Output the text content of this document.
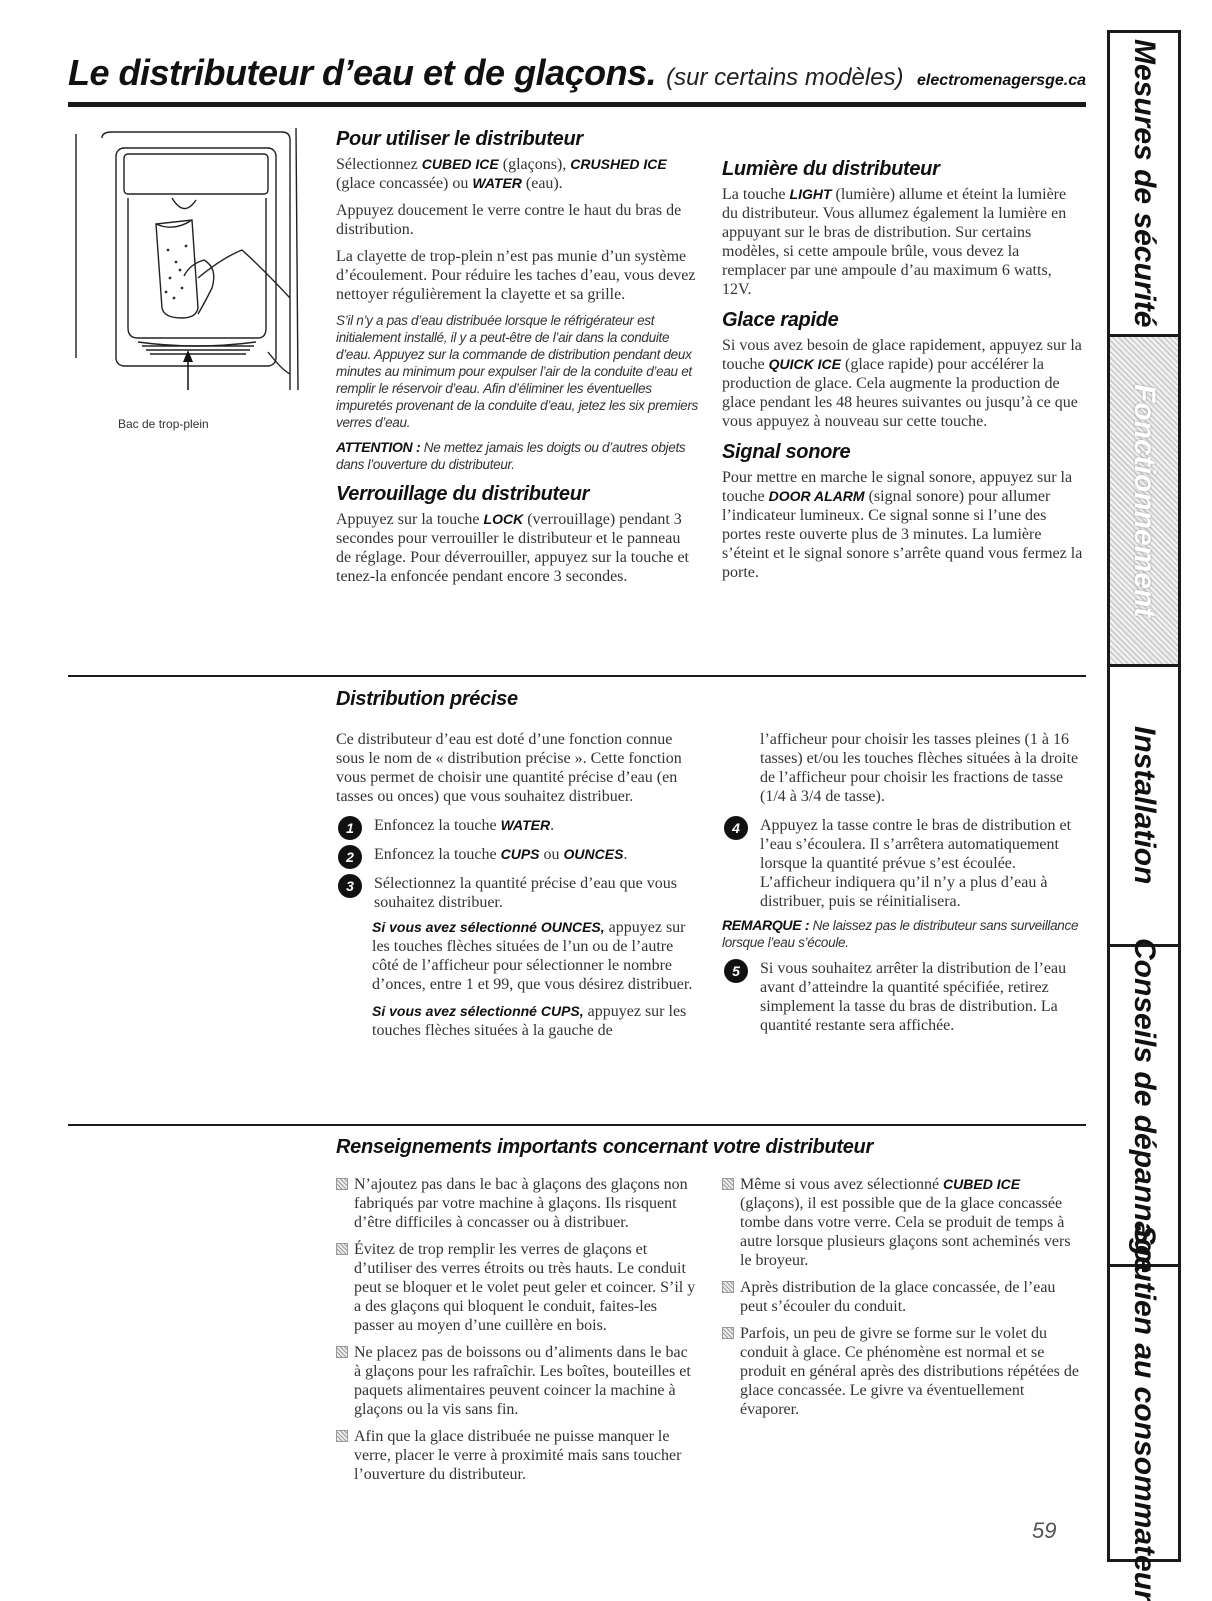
Le distributeur d’eau et de glaçons. (sur certains modèles) electromenagersge.ca Mesures de sécurité
Fonctionnement
Installation
Conseils de dépannage
Soutien au consommateur
Bac de trop-plein
Pour utiliser le distributeur

Sélectionnez CUBED ICE (glaçons), CRUSHED ICE (glace concassée) ou WATER (eau).

Appuyez doucement le verre contre le haut du bras de distribution.

La clayette de trop-plein n’est pas munie d’un système d’écoulement. Pour réduire les taches d’eau, vous devez nettoyer régulièrement la clayette et sa grille.

S’il n’y a pas d’eau distribuée lorsque le réfrigérateur est initialement installé, il y a peut-être de l’air dans la conduite d’eau. Appuyez sur la commande de distribution pendant deux minutes au minimum pour expulser l’air de la conduite d’eau et remplir le réservoir d’eau. Afin d’éliminer les éventuelles impuretés provenant de la conduite d’eau, jetez les six premiers verres d’eau.

ATTENTION : Ne mettez jamais les doigts ou d’autres objets dans l’ouverture du distributeur.

Verrouillage du distributeur

Appuyez sur la touche LOCK (verrouillage) pendant 3 secondes pour verrouiller le distributeur et le panneau de réglage. Pour déverrouiller, appuyez sur la touche et tenez-la enfoncée pendant encore 3 secondes.

Lumière du distributeur

La touche LIGHT (lumière) allume et éteint la lumière du distributeur. Vous allumez également la lumière en appuyant sur le bras de distribution. Sur certains modèles, si cette ampoule brûle, vous devez la remplacer par une ampoule d’au maximum 6 watts, 12V.

Glace rapide

Si vous avez besoin de glace rapidement, appuyez sur la touche QUICK ICE (glace rapide) pour accélérer la production de glace. Cela augmente la production de glace pendant les 48 heures suivantes ou jusqu’à ce que vous appuyez à nouveau sur cette touche.

Signal sonore

Pour mettre en marche le signal sonore, appuyez sur la touche DOOR ALARM (signal sonore) pour allumer l’indicateur lumineux. Ce signal sonne si l’une des portes reste ouverte plus de 3 minutes. La lumière s’éteint et le signal sonore s’arrête quand vous fermez la porte.

Distribution précise

Ce distributeur d’eau est doté d’une fonction connue sous le nom de « distribution précise ». Cette fonction vous permet de choisir une quantité précise d’eau (en tasses ou onces) que vous souhaitez distribuer.

1	Enfoncez la touche WATER.
2	Enfoncez la touche CUPS ou OUNCES.
3	Sélectionnez la quantité précise d’eau que vous souhaitez distribuer.

Si vous avez sélectionné OUNCES, appuyez sur les touches flèches situées de l’un ou de l’autre côté de l’afficheur pour sélectionner le nombre d’onces, entre 1 et 99, que vous désirez distribuer.

Si vous avez sélectionné CUPS, appuyez sur les touches flèches situées à la gauche de

l’afficheur pour choisir les tasses pleines (1 à 16 tasses) et/ou les touches flèches situées à la droite de l’afficheur pour choisir les fractions de tasse (1/4 à 3/4 de tasse).

4	Appuyez la tasse contre le bras de distribution et l’eau s’écoulera. Il s’arrêtera automatiquement lorsque la quantité prévue s’est écoulée. L’afficheur indiquera qu’il n’y a plus d’eau à distribuer, puis se réinitialisera.

REMARQUE : Ne laissez pas le distributeur sans surveillance lorsque l’eau s’écoule.

5	Si vous souhaitez arrêter la distribution de l’eau avant d’atteindre la quantité spécifiée, retirez simplement la tasse du bras de distribution. La quantité restante sera affichée.
Renseignements importants concernant votre distributeur
N’ajoutez pas dans le bac à glaçons des glaçons non fabriqués par votre machine à glaçons. Ils risquent d’être difficiles à concasser ou à distribuer.
Évitez de trop remplir les verres de glaçons et d’utiliser des verres étroits ou très hauts. Le conduit peut se bloquer et le volet peut geler et coincer. S’il y a des glaçons qui bloquent le conduit, faites-les passer au moyen d’une cuillère en bois.
Ne placez pas de boissons ou d’aliments dans le bac à glaçons pour les rafraîchir. Les boîtes, bouteilles et paquets alimentaires peuvent coincer la machine à glaçons ou la vis sans fin.
Afin que la glace distribuée ne puisse manquer le verre, placer le verre à proximité mais sans toucher l’ouverture du distributeur.
Même si vous avez sélectionné CUBED ICE (glaçons), il est possible que de la glace concassée tombe dans votre verre. Cela se produit de temps à autre lorsque plusieurs glaçons sont acheminés vers le broyeur.
Après distribution de la glace concassée, de l’eau peut s’écouler du conduit.
Parfois, un peu de givre se forme sur le volet du conduit à glace. Ce phénomène est normal et se produit en général après des distributions répétées de glace concassée. Le givre va éventuellement évaporer.
59
